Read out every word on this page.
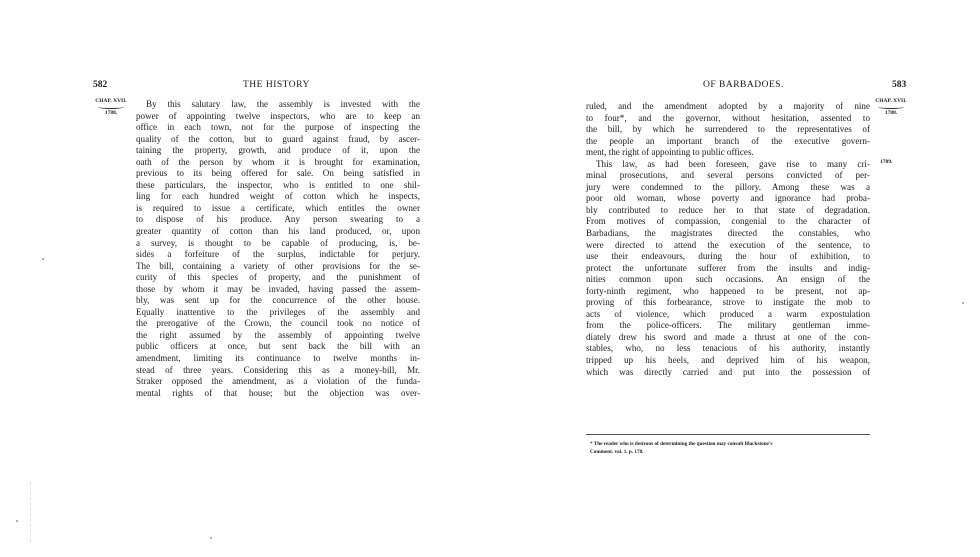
582	THE HISTORY
CHAP. XVII.
1788.
By this salutary law, the assembly is invested with the
power of appointing twelve inspectors, who are to keep an
office in each town, not for the purpose of inspecting the
quality of the cotton, but to guard against fraud, by ascer-
taining the property, growth, and produce of it, upon the
oath of the person by whom it is brought for examination,
previous to its being offered for sale. On being satisfied in
these particulars, the inspector, who is entitled to one shil-
ling for each hundred weight of cotton which he inspects,
is required to issue a certificate, which entitles the owner
to dispose of his produce. Any person swearing to a
greater quantity of cotton than his land produced, or, upon
a survey, is thought to be capable of producing, is, be-
sides a forfeiture of the surplus, indictable for perjury.
The bill, containing a variety of other provisions for the se-
curity of this species of property, and the punishment of
those by whom it may be invaded, having passed the assem-
bly, was sent up for the concurrence of the other house.
Equally inattentive to the privileges of the assembly and
the prerogative of the Crown, the council took no notice of
the right assumed by the assembly of appointing twelve
public officers at once, but sent back the bill with an
amendment, limiting its continuance to twelve months in-
stead of three years. Considering this as a money-bill, Mr.
Straker opposed the amendment, as a violation of the funda-
mental rights of that house; but the objection was over-
OF BARBADOES.	583
CHAP. XVII.
1788.
1789.
ruled, and the amendment adopted by a majority of nine
to four*, and the governor, without hesitation, assented to
the bill, by which he surrendered to the representatives of
the people an important branch of the executive govern-
ment, the right of appointing to public offices.
This law, as had been foreseen, gave rise to many cri-
minal prosecutions, and several persons convicted of per-
jury were condemned to the pillory. Among these was a
poor old woman, whose poverty and ignorance had proba-
bly contributed to reduce her to that state of degradation.
From motives of compassion, congenial to the character of
Barbadians, the magistrates directed the constables, who
were directed to attend the execution of the sentence, to
use their endeavours, during the hour of exhibition, to
protect the unfortunate sufferer from the insults and indig-
nities common upon such occasions. An ensign of the
forty-ninth regiment, who happened to be present, not ap-
proving of this forbearance, strove to instigate the mob to
acts of violence, which produced a warm expostulation
from the police-officers. The military gentleman imme-
diately drew his sword and made a thrust at one of the con-
stables, who, no less tenacious of his authority, instantly
tripped up his heels, and deprived him of his weapon,
which was directly carried and put into the possession of
* The reader who is desirous of determining the question may consult Blackstone's
Comment. vol. 1. p. 170.
